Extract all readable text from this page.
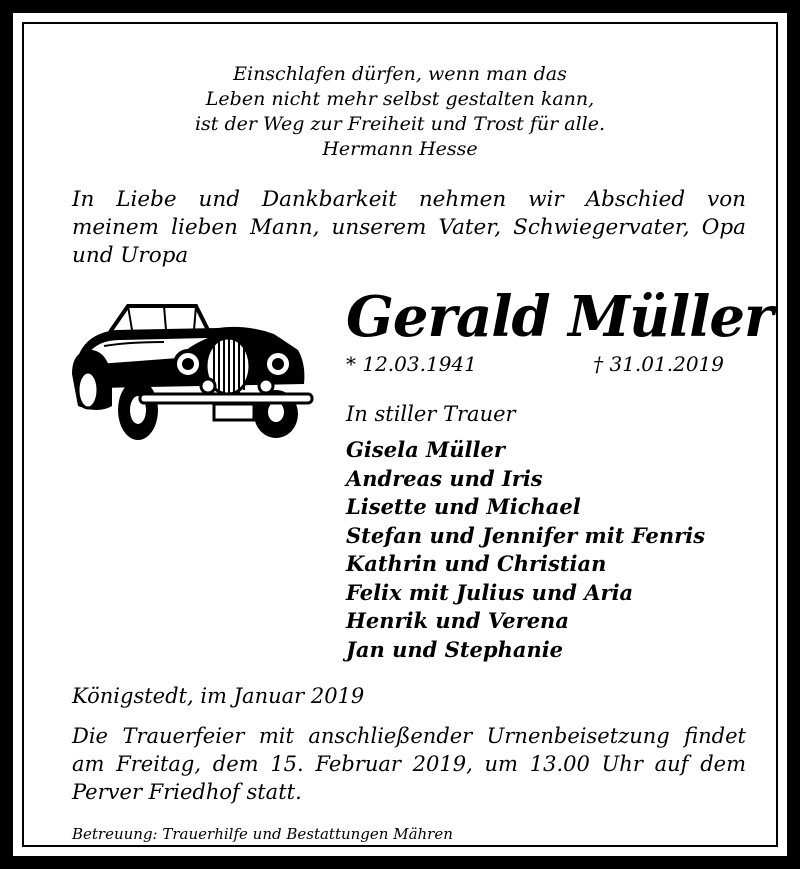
Einschlafen dürfen, wenn man das
Leben nicht mehr selbst gestalten kann,
ist der Weg zur Freiheit und Trost für alle.
Hermann Hesse
In Liebe und Dankbarkeit nehmen wir Abschied von
meinem lieben Mann, unserem Vater, Schwiegervater, Opa
und Uropa
Gerald Müller
* 12.03.1941	† 31.01.2019
In stiller Trauer
Gisela Müller
Andreas und Iris
Lisette und Michael
Stefan und Jennifer mit Fenris
Kathrin und Christian
Felix mit Julius und Aria
Henrik und Verena
Jan und Stephanie
Königstedt, im Januar 2019
Die Trauerfeier mit anschließender Urnenbeisetzung findet
am Freitag, dem 15. Februar 2019, um 13.00 Uhr auf dem
Perver Friedhof statt.
Betreuung: Trauerhilfe und Bestattungen Mähren
